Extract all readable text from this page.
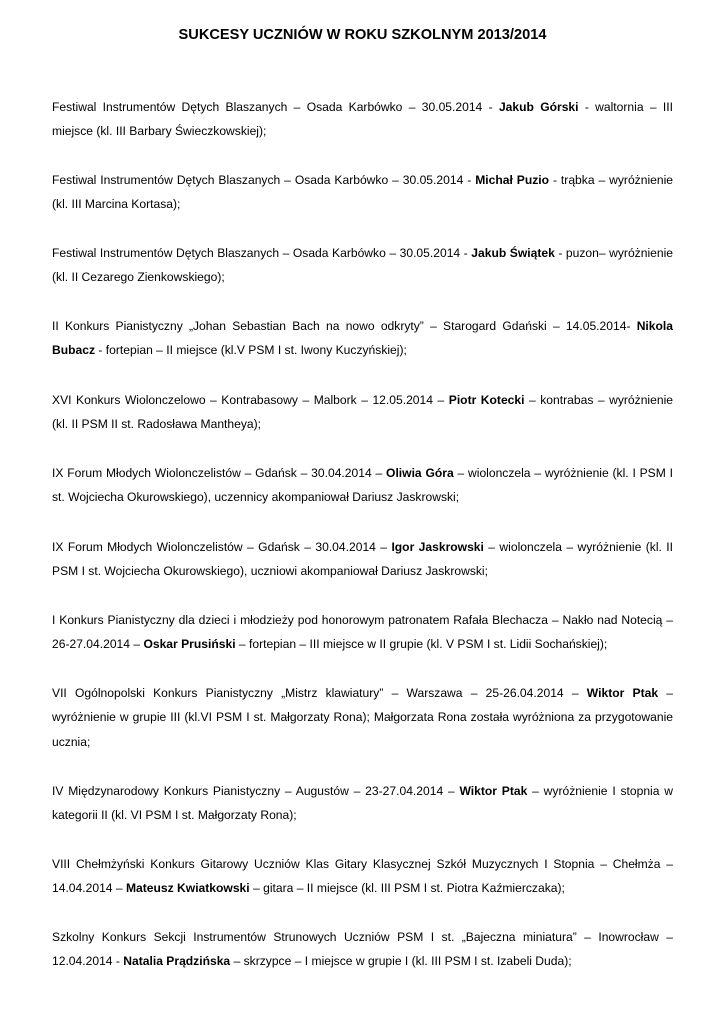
SUKCESY UCZNIÓW W ROKU SZKOLNYM 2013/2014

Festiwal Instrumentów Dętych Blaszanych – Osada Karbówko – 30.05.2014 - Jakub Górski - waltornia – III miejsce (kl. III Barbary Świeczkowskiej);

Festiwal Instrumentów Dętych Blaszanych – Osada Karbówko – 30.05.2014 - Michał Puzio - trąbka – wyróżnienie (kl. III Marcina Kortasa);

Festiwal Instrumentów Dętych Blaszanych – Osada Karbówko – 30.05.2014 - Jakub Świątek - puzon– wyróżnienie (kl. II Cezarego Zienkowskiego);

II Konkurs Pianistyczny „Johan Sebastian Bach na nowo odkryty” – Starogard Gdański – 14.05.2014- Nikola Bubacz - fortepian – II miejsce (kl.V PSM I st. Iwony Kuczyńskiej);

XVI Konkurs Wiolonczelowo – Kontrabasowy – Malbork – 12.05.2014 – Piotr Kotecki – kontrabas – wyróżnienie (kl. II PSM II st. Radosława Mantheya);

IX Forum Młodych Wiolonczelistów – Gdańsk – 30.04.2014 – Oliwia Góra – wiolonczela – wyróżnienie (kl. I PSM I st. Wojciecha Okurowskiego), uczennicy akompaniował Dariusz Jaskrowski;

IX Forum Młodych Wiolonczelistów – Gdańsk – 30.04.2014 – Igor Jaskrowski – wiolonczela – wyróżnienie (kl. II PSM I st. Wojciecha Okurowskiego), uczniowi akompaniował Dariusz Jaskrowski;

I Konkurs Pianistyczny dla dzieci i młodzieży pod honorowym patronatem Rafała Blechacza – Nakło nad Notecią – 26-27.04.2014 – Oskar Prusiński – fortepian – III miejsce w II grupie (kl. V PSM I st. Lidii Sochańskiej);

VII Ogólnopolski Konkurs Pianistyczny „Mistrz klawiatury” – Warszawa – 25-26.04.2014 – Wiktor Ptak – wyróżnienie w grupie III (kl.VI PSM I st. Małgorzaty Rona); Małgorzata Rona została wyróżniona za przygotowanie ucznia;

IV Międzynarodowy Konkurs Pianistyczny – Augustów – 23-27.04.2014 – Wiktor Ptak – wyróżnienie I stopnia w kategorii II (kl. VI PSM I st. Małgorzaty Rona);

VIII Chełmżyński Konkurs Gitarowy Uczniów Klas Gitary Klasycznej Szkół Muzycznych I Stopnia – Chełmża – 14.04.2014 – Mateusz Kwiatkowski – gitara – II miejsce (kl. III PSM I st. Piotra Kaźmierczaka);

Szkolny Konkurs Sekcji Instrumentów Strunowych Uczniów PSM I st. „Bajeczna miniatura” – Inowrocław – 12.04.2014 - Natalia Prądzińska – skrzypce – I miejsce w grupie I (kl. III PSM I st. Izabeli Duda);
